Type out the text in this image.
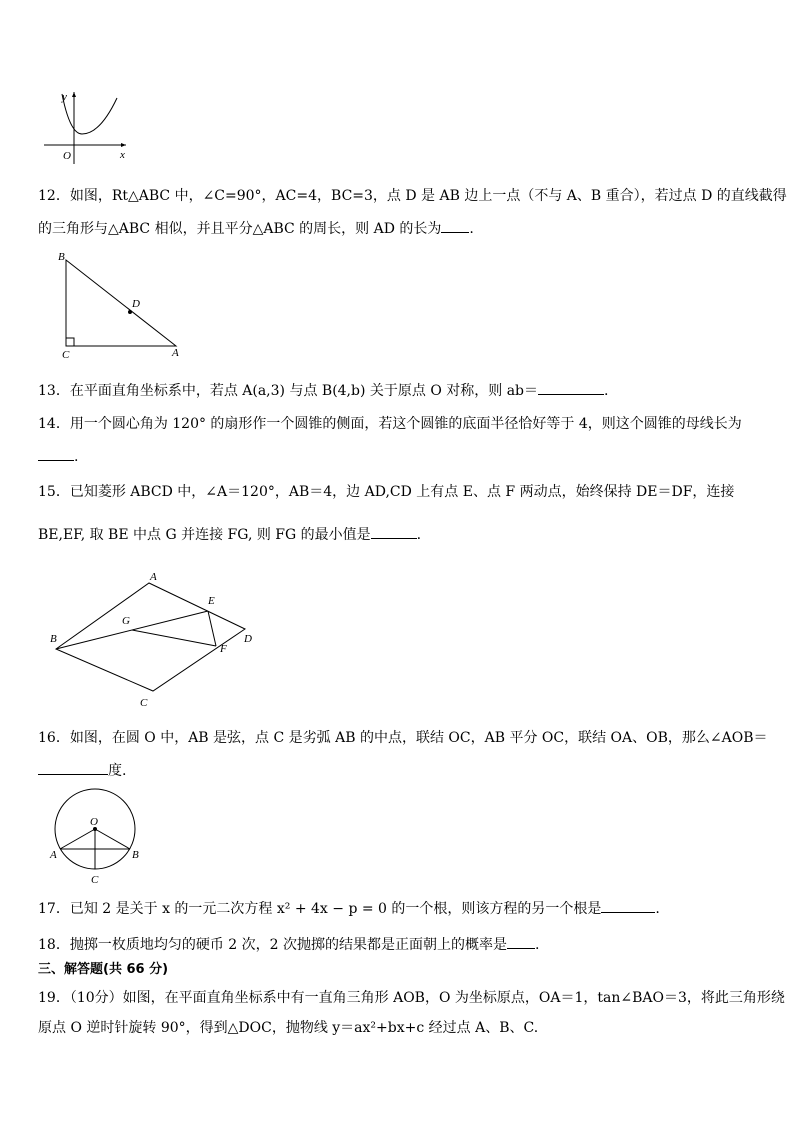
y
x
O
12．如图，Rt△ABC 中，∠C=90°，AC=4，BC=3，点 D 是 AB 边上一点（不与 A、B 重合），若过点 D 的直线截得
的三角形与△ABC 相似，并且平分△ABC 的周长，则 AD 的长为 .
B
D
C	A
13．在平面直角坐标系中，若点 A(a,3) 与点 B(4,b) 关于原点 O 对称，则 ab＝	.
14．用一个圆心角为 120° 的扇形作一个圆锥的侧面，若这个圆锥的底面半径恰好等于 4，则这个圆锥的母线长为
.
15．已知菱形 ABCD 中，∠A＝120°，AB＝4，边 AD,CD 上有点 E、点 F 两动点，始终保持 DE＝DF，连接
BE,EF, 取 BE 中点 G 并连接 FG, 则 FG 的最小值是	.
A
E
B
G
D
F
C
16．如图，在圆 O 中，AB 是弦，点 C 是劣弧 AB 的中点，联结 OC，AB 平分 OC，联结 OA、OB，那么∠AOB＝
度.
O
A	B
C
17．已知 2 是关于 x 的一元二次方程 x² + 4x − p = 0 的一个根，则该方程的另一个根是	.
18．抛掷一枚质地均匀的硬币 2 次，2 次抛掷的结果都是正面朝上的概率是 .
三、解答题(共 66 分)
19．（10分）如图，在平面直角坐标系中有一直角三角形 AOB，O 为坐标原点，OA＝1，tan∠BAO＝3，将此三角形绕
原点 O 逆时针旋转 90°，得到△DOC，抛物线 y＝ax²+bx+c 经过点 A、B、C.
